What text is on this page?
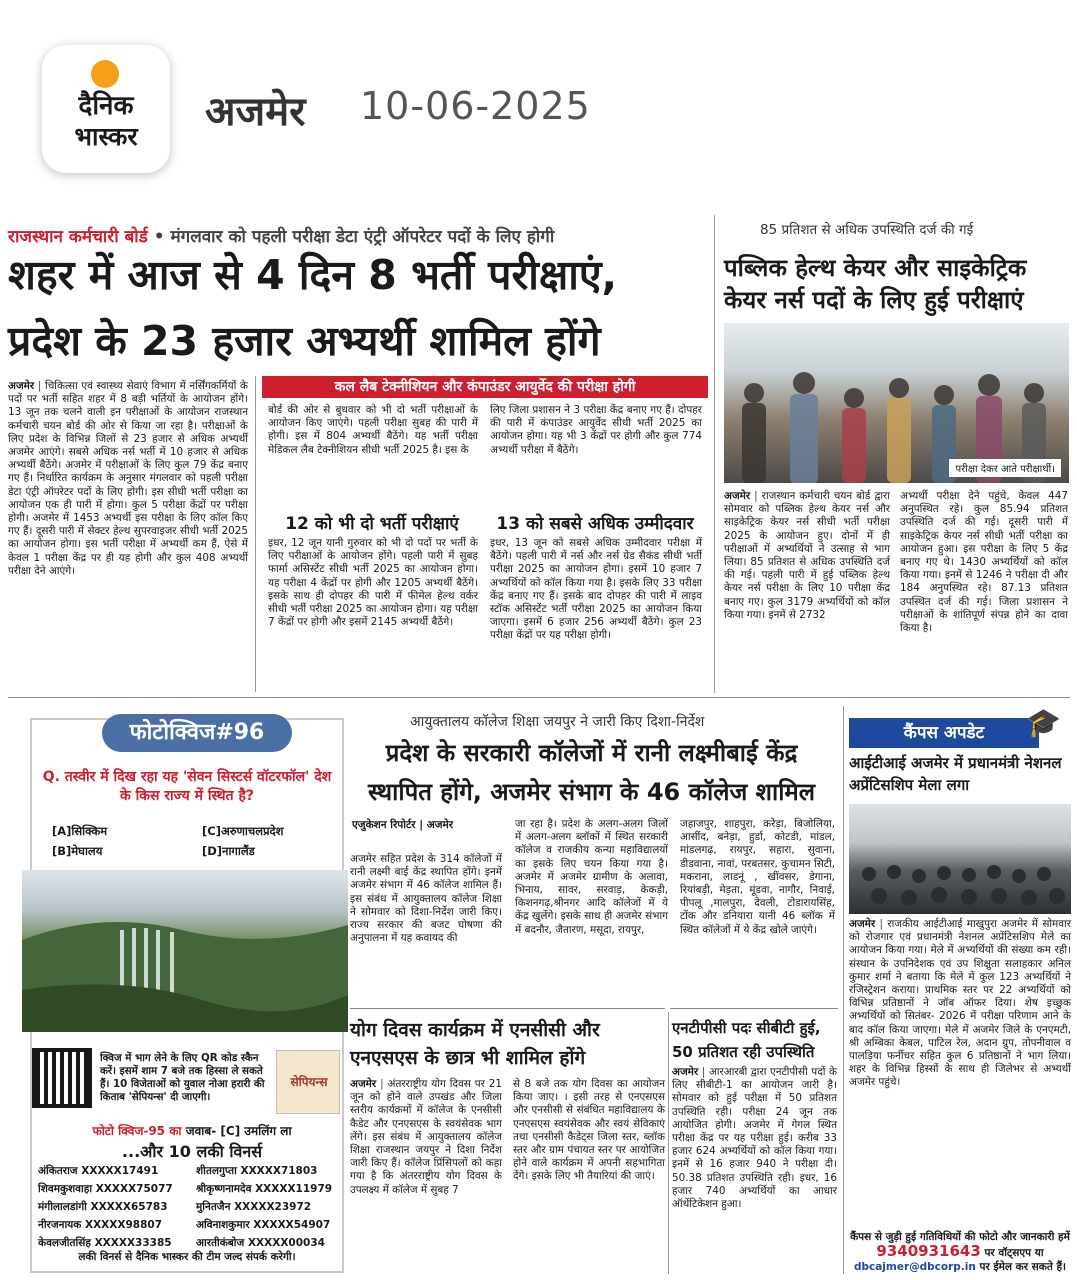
दैनिक
भास्कर
अजमेर 10-06-2025
राजस्थान कर्मचारी बोर्ड • मंगलवार को पहली परीक्षा डेटा एंट्री ऑपरेटर पदों के लिए होगी
शहर में आज से 4 दिन 8 भर्ती परीक्षाएं,
प्रदेश के 23 हजार अभ्यर्थी शामिल होंगे
अजमेर | चिकित्सा एवं स्वास्थ्य सेवाएं विभाग में नर्सिंगकर्मियों के पदों पर भर्ती सहित शहर में 8 बड़ी भर्तियों के आयोजन होंगे। 13 जून तक चलने वाली इन परीक्षाओं के आयोजन राजस्थान कर्मचारी चयन बोर्ड की ओर से किया जा रहा है। परीक्षाओं के लिए प्रदेश के विभिन्न जिलों से 23 हजार से अधिक अभ्यर्थी अजमेर आएंगे। सबसे अधिक नर्स भर्ती में 10 हजार से अधिक अभ्यर्थी बैठेंगे। अजमेर में परीक्षाओं के लिए कुल 79 केंद्र बनाए गए हैं। निर्धारित कार्यक्रम के अनुसार मंगलवार को पहली परीक्षा डेटा एंट्री ऑपरेटर पदों के लिए होगी। इस सीधी भर्ती परीक्षा का आयोजन एक ही पारी में होगा। कुल 5 परीक्षा केंद्रों पर परीक्षा होगी। अजमेर में 1453 अभ्यर्थी इस परीक्षा के लिए कॉल किए गए हैं। दूसरी पारी में सेक्टर हेल्थ सुपरवाइजर सीधी भर्ती 2025 का आयोजन होगा। इस भर्ती परीक्षा में अभ्यर्थी कम हैं, ऐसे में केवल 1 परीक्षा केंद्र पर ही यह होगी और कुल 408 अभ्यर्थी परीक्षा देने आएंगे।
कल लैब टेक्नीशियन और कंपाउंडर आयुर्वेद की परीक्षा होगी
बोर्ड की ओर से बुधवार को भी दो भर्ती परीक्षाओं के आयोजन किए जाएंगे। पहली परीक्षा सुबह की पारी में होगी। इस में 804 अभ्यर्थी बैठेंगे। यह भर्ती परीक्षा मेडिकल लैब टेक्नीशियन सीधी भर्ती 2025 है। इस के
लिए जिला प्रशासन ने 3 परीक्षा केंद्र बनाए गए हैं। दोपहर की पारी में कंपाउंडर आयुर्वेद सीधी भर्ती 2025 का आयोजन होगा। यह भी 3 केंद्रों पर होगी और कुल 774 अभ्यर्थी परीक्षा में बैठेंगे।
12 को भी दो भर्ती परीक्षाएं	13 को सबसे अधिक उम्मीदवार
इधर, 12 जून यानी गुरुवार को भी दो पदों पर भर्ती के लिए परीक्षाओं के आयोजन होंगे। पहली पारी में सुबह फार्मा असिस्टेंट सीधी भर्ती 2025 का आयोजन होगा। यह परीक्षा 4 केंद्रों पर होगी और 1205 अभ्यर्थी बैठेंगे। इसके साथ ही दोपहर की पारी में फीमेल हेल्थ वर्कर सीधी भर्ती परीक्षा 2025 का आयोजन होगा। यह परीक्षा 7 केंद्रों पर होगी और इसमें 2145 अभ्यर्थी बैठेंगे।
इधर, 13 जून को सबसे अधिक उम्मीदवार परीक्षा में बैठेंगे। पहली पारी में नर्स और नर्स ग्रेड सैकंड सीधी भर्ती परीक्षा 2025 का आयोजन होगा। इसमें 10 हजार 7 अभ्यर्थियों को कॉल किया गया है। इसके लिए 33 परीक्षा केंद्र बनाए गए हैं। इसके बाद दोपहर की पारी में लाइव स्टॉक असिस्टेंट भर्ती परीक्षा 2025 का आयोजन किया जाएगा। इसमें 6 हजार 256 अभ्यर्थी बैठेंगे। कुल 23 परीक्षा केंद्रों पर यह परीक्षा होगी।
85 प्रतिशत से अधिक उपस्थिति दर्ज की गई
पब्लिक हेल्थ केयर और साइकेट्रिक केयर नर्स पदों के लिए हुई परीक्षाएं
परीक्षा देकर आते परीक्षार्थी।
अजमेर | राजस्थान कर्मचारी चयन बोर्ड द्वारा सोमवार को पब्लिक हेल्थ केयर नर्स और साइकेट्रिक केयर नर्स सीधी भर्ती परीक्षा 2025 के आयोजन हुए। दोनों में ही परीक्षाओं में अभ्यर्थियों ने उत्साह से भाग लिया। 85 प्रतिशत से अधिक उपस्थिति दर्ज की गई। पहली पारी में हुई पब्लिक हेल्थ केयर नर्स परीक्षा के लिए 10 परीक्षा केंद्र बनाए गए। कुल 3179 अभ्यर्थियों को कॉल किया गया। इनमें से 2732
अभ्यर्थी परीक्षा देने पहुंचे, केवल 447 अनुपस्थित रहे। कुल 85.94 प्रतिशत उपस्थिति दर्ज की गई। दूसरी पारी में साइकेट्रिक केयर नर्स सीधी भर्ती परीक्षा का आयोजन हुआ। इस परीक्षा के लिए 5 केंद्र बनाए गए थे। 1430 अभ्यर्थियों को कॉल किया गया। इनमें से 1246 ने परीक्षा दी और 184 अनुपस्थित रहे। 87.13 प्रतिशत उपस्थित दर्ज की गई। जिला प्रशासन ने परीक्षाओं के शांतिपूर्ण संपन्न होने का दावा किया है।
फोटोक्विज#96
Q. तस्वीर में दिख रहा यह 'सेवन सिस्टर्स वॉटरफॉल' देश के किस राज्य में स्थित है?
[A]सिक्किम	[C]अरुणाचलप्रदेश
[B]मेघालय	[D]नागालैंड
क्विज में भाग लेने के लिए QR कोड स्कैन करें। इसमें शाम 7 बजे तक हिस्सा ले सकते हैं। 10 विजेताओं को युवाल नोआ हरारी की किताब 'सेपियन्स' दी जाएगी।
सेपियन्स
फोटो क्विज-95 का जवाब- [C] उमलिंग ला
...और 10 लकी विनर्स
अंकितराज XXXXX17491	शीतलगुप्ता XXXXX71803
शिवमकुशवाहा XXXXX75077 श्रीकृष्णनामदेव XXXXX11979
मंगीलालडांगी XXXXX65783	मुनितजैन XXXXX23972
नीरजनायक XXXXX98807	अविनाशकुमार XXXXX54907
केवलजीतसिंह XXXXX33385 आरतीकंबोज XXXXX00034
लकी विनर्स से दैनिक भास्कर की टीम जल्द संपर्क करेगी।
आयुक्तालय कॉलेज शिक्षा जयपुर ने जारी किए दिशा-निर्देश
प्रदेश के सरकारी कॉलेजों में रानी लक्ष्मीबाई केंद्र
स्थापित होंगे, अजमेर संभाग के 46 कॉलेज शामिल
एजुकेशन रिपोर्टर | अजमेर
अजमेर सहित प्रदेश के 314 कॉलेजों में रानी लक्ष्मी बाई केंद्र स्थापित होंगे। इनमें अजमेर संभाग में 46 कॉलेज शामिल हैं। इस संबंध में आयुक्तालय कॉलेज शिक्षा ने सोमवार को दिशा-निर्देश जारी किए। राज्य सरकार की बजट घोषणा की अनुपालना में यह कवायद की
जा रहा है। प्रदेश के अलग-अलग जिलों में अलग-अलग ब्लॉकों में स्थित सरकारी कॉलेज व राजकीय कन्या महाविद्यालयों का इसके लिए चयन किया गया है। अजमेर में अजमेर ग्रामीण के अलावा, भिनाय, सावर, सरवाड़, केकड़ी, किशनगढ़,श्रीनगर आदि कॉलेजों में ये केंद्र खुलेंगे। इसके साथ ही अजमेर संभाग में बदनौर, जैतारण, मसूदा, रायपुर,
जहाजपुर, शाहपुरा, करेड़ा, बिजोलिया, आसींद, बनेड़ा, हुर्डा, कोटडी, मांडल, मांडलगढ़, रायपुर, सहारा, सुवाना, डीडवाना, नावां, परबतसर, कुचामन सिटी, मकराना, लाडनूं , खींवसर, डेगाना, रियांबड़ी, मेड़ता, मूंडवा, नागौर, निवाई, पीपलू ,मालपुरा, देवली, टोडारायसिंह, टोंक और डनियारा यानी 46 ब्लॉक में स्थित कॉलेजों में ये केंद्र खोले जाएंगे।
योग दिवस कार्यक्रम में एनसीसी और एनएसएस के छात्र भी शामिल होंगे
अजमेर | अंतरराष्ट्रीय योग दिवस पर 21 जून को होने वाले उपखंड और जिला स्तरीय कार्यक्रमों में कॉलेज के एनसीसी कैडेट और एनएसएस के स्वयंसेवक भाग लेंगे। इस संबंध में आयुक्तालय कॉलेज शिक्षा राजस्थान जयपुर ने दिशा निर्देश जारी किए हैं। कॉलेज प्रिंसिपलों को कहा गया है कि अंतरराष्ट्रीय योग दिवस के उपलक्ष्य में कॉलेज में सुबह 7
से 8 बजे तक योग दिवस का आयोजन किया जाए। । इसी तरह से एनएसएस और एनसीसी से संबंधित महाविद्यालय के एनएसएस स्वयंसेवक और स्वयं सेविकाएं तथा एनसीसी कैडेट्स जिला स्तर, ब्लॉक स्तर और ग्राम पंचायत स्तर पर आयोजित होने वाले कार्यक्रम में अपनी सहभागिता देंगे। इसके लिए भी तैयारियां की जाएं।
एनटीपीसी पदः सीबीटी हुई, 50 प्रतिशत रही उपस्थिति
अजमेर | आरआरबी द्वारा एनटीपीसी पदों के लिए सीबीटी-1 का आयोजन जारी है। सोमवार को हुई परीक्षा में 50 प्रतिशत उपस्थिति रही। परीक्षा 24 जून तक आयोजित होगी। अजमेर में गेगल स्थित परीक्षा केंद्र पर यह परीक्षा हुई। करीब 33 हजार 624 अभ्यर्थियों को कॉल किया गया। इनमें से 16 हजार 940 ने परीक्षा दी। 50.38 प्रतिशत उपस्थिति रही। इधर, 16 हजार 740 अभ्यर्थियों का आधार ऑथेंटिकेशन हुआ।
कैंपस अपडेट	🎓
आईटीआई अजमेर में प्रधानमंत्री नेशनल अप्रेंटिसशिप मेला लगा
अजमेर | राजकीय आईटीआई माखुपुरा अजमेर में सोमवार को रोजगार एवं प्रधानमंत्री नेशनल अप्रेंटिसशिप मेले का आयोजन किया गया। मेले में अभ्यर्थियों की संख्या कम रही। संस्थान के उपनिदेशक एवं उप शिक्षुता सलाहकार अनिल कुमार शर्मा ने बताया कि मेले में कुल 123 अभ्यर्थियों ने रजिस्ट्रेशन कराया। प्राथमिक स्तर पर 22 अभ्यर्थियों को विभिन्न प्रतिष्ठानों ने जॉब ऑफर दिया। शेष इच्छुक अभ्यर्थियों को सितंबर- 2026 में परीक्षा परिणाम आने के बाद कॉल किया जाएगा। मेले में अजमेर जिले के एनएमटी, श्री अम्बिका केबल, पाटिल रेल, अदान ग्रुप, तोपनीवाल व पालड़िया फर्नीचर सहित कुल 6 प्रतिष्ठानों ने भाग लिया। शहर के विभिन्न हिस्सों के साथ ही जिलेभर से अभ्यर्थी अजमेर पहुंचे।
कैंपस से जुड़ी हुई गतिविधियों की फोटो और जानकारी हमें 9340931643 पर वॉट्सएप या dbcajmer@dbcorp.in पर ईमेल कर सकते हैं।
